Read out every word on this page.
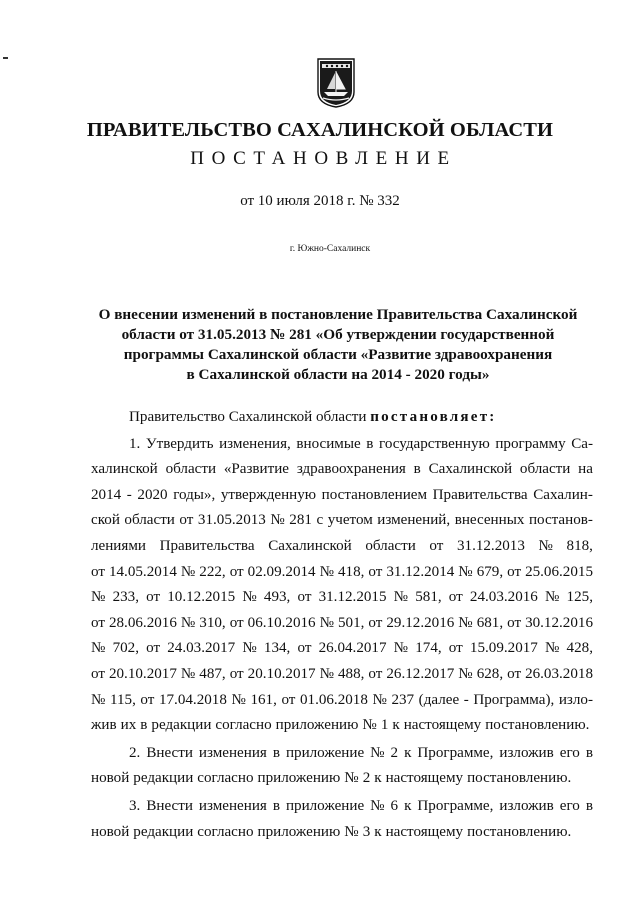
ПРАВИТЕЛЬСТВО САХАЛИНСКОЙ ОБЛАСТИ
ПОСТАНОВЛЕНИЕ
от 10 июля 2018 г. № 332
г. Южно-Сахалинск
О внесении изменений в постановление Правительства Сахалинской
области от 31.05.2013 № 281 «Об утверждении государственной
программы Сахалинской области «Развитие здравоохранения
в Сахалинской области на 2014 - 2020 годы»
Правительство Сахалинской области постановляет:
1. Утвердить изменения, вносимые в государственную программу Са-
халинской области «Развитие здравоохранения в Сахалинской области на
2014 - 2020 годы», утвержденную постановлением Правительства Сахалин-
ской области от 31.05.2013 № 281 с учетом изменений, внесенных постанов-
лениями Правительства Сахалинской области от 31.12.2013 № 818,
от 14.05.2014 № 222, от 02.09.2014 № 418, от 31.12.2014 № 679, от 25.06.2015
№ 233, от 10.12.2015 № 493, от 31.12.2015 № 581, от 24.03.2016 № 125,
от 28.06.2016 № 310, от 06.10.2016 № 501, от 29.12.2016 № 681, от 30.12.2016
№ 702, от 24.03.2017 № 134, от 26.04.2017 № 174, от 15.09.2017 № 428,
от 20.10.2017 № 487, от 20.10.2017 № 488, от 26.12.2017 № 628, от 26.03.2018
№ 115, от 17.04.2018 № 161, от 01.06.2018 № 237 (далее - Программа), изло-
жив их в редакции согласно приложению № 1 к настоящему постановлению.
2. Внести изменения в приложение № 2 к Программе, изложив его в
новой редакции согласно приложению № 2 к настоящему постановлению.
3. Внести изменения в приложение № 6 к Программе, изложив его в
новой редакции согласно приложению № 3 к настоящему постановлению.
